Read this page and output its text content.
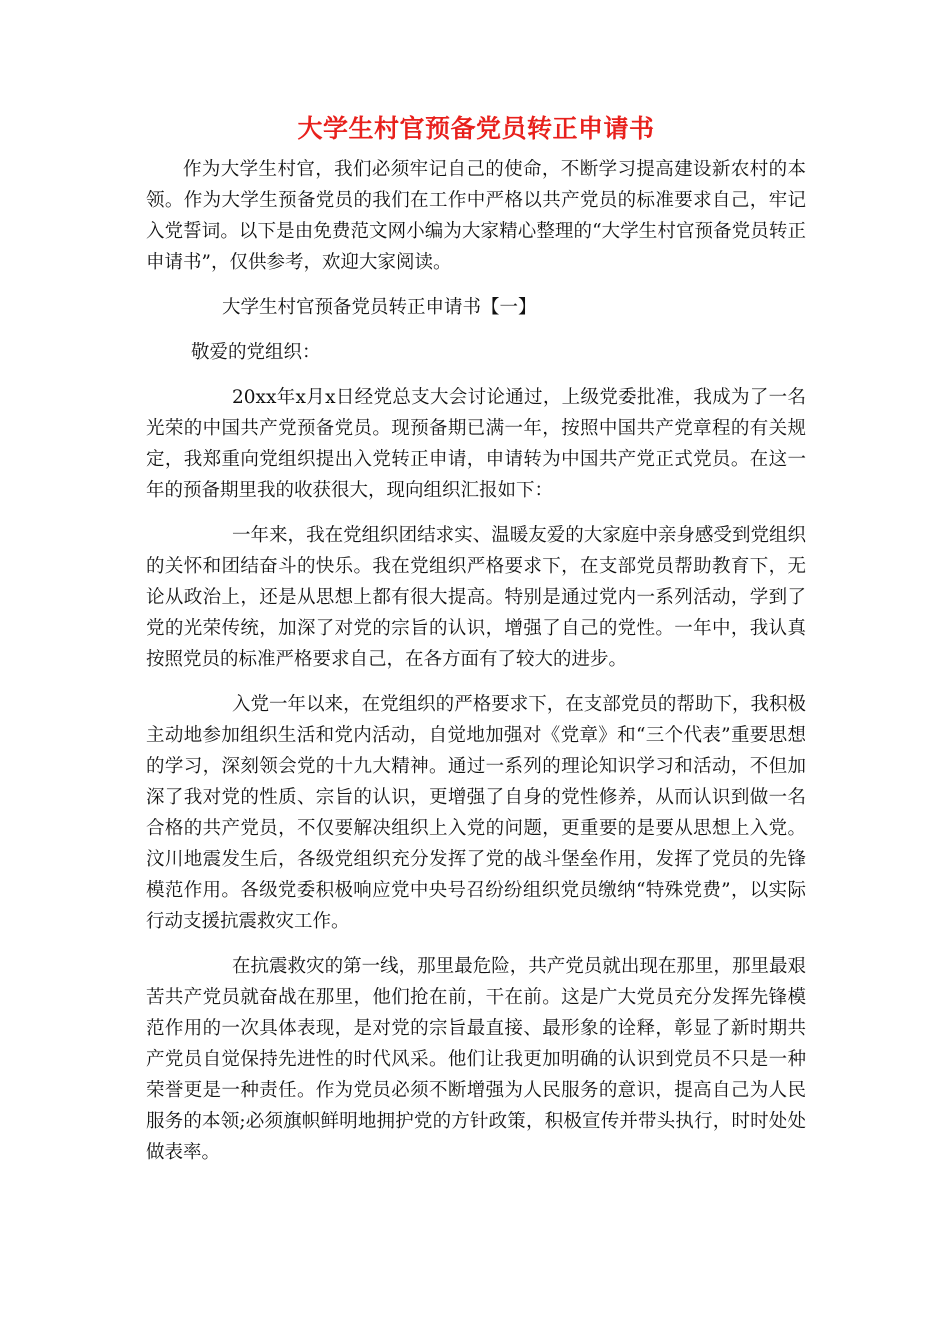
大学生村官预备党员转正申请书

作为大学生村官，我们必须牢记自己的使命，不断学习提高建设新农村的本领。作为大学生预备党员的我们在工作中严格以共产党员的标准要求自己，牢记入党誓词。以下是由免费范文网小编为大家精心整理的“大学生村官预备党员转正申请书”，仅供参考，欢迎大家阅读。

大学生村官预备党员转正申请书【一】

敬爱的党组织：

20xx年x月x日经党总支大会讨论通过，上级党委批准，我成为了一名光荣的中国共产党预备党员。现预备期已满一年，按照中国共产党章程的有关规定，我郑重向党组织提出入党转正申请，申请转为中国共产党正式党员。在这一年的预备期里我的收获很大，现向组织汇报如下：

一年来，我在党组织团结求实、温暖友爱的大家庭中亲身感受到党组织的关怀和团结奋斗的快乐。我在党组织严格要求下，在支部党员帮助教育下，无论从政治上，还是从思想上都有很大提高。特别是通过党内一系列活动，学到了党的光荣传统，加深了对党的宗旨的认识，增强了自己的党性。一年中，我认真按照党员的标准严格要求自己，在各方面有了较大的进步。

入党一年以来，在党组织的严格要求下，在支部党员的帮助下，我积极主动地参加组织生活和党内活动，自觉地加强对《党章》和“三个代表”重要思想的学习，深刻领会党的十九大精神。通过一系列的理论知识学习和活动，不但加深了我对党的性质、宗旨的认识，更增强了自身的党性修养，从而认识到做一名合格的共产党员，不仅要解决组织上入党的问题，更重要的是要从思想上入党。汶川地震发生后，各级党组织充分发挥了党的战斗堡垒作用，发挥了党员的先锋模范作用。各级党委积极响应党中央号召纷纷组织党员缴纳“特殊党费”，以实际行动支援抗震救灾工作。

在抗震救灾的第一线，那里最危险，共产党员就出现在那里，那里最艰苦共产党员就奋战在那里，他们抢在前，干在前。这是广大党员充分发挥先锋模范作用的一次具体表现，是对党的宗旨最直接、最形象的诠释，彰显了新时期共产党员自觉保持先进性的时代风采。他们让我更加明确的认识到党员不只是一种荣誉更是一种责任。作为党员必须不断增强为人民服务的意识，提高自己为人民服务的本领;必须旗帜鲜明地拥护党的方针政策，积极宣传并带头执行，时时处处做表率。
